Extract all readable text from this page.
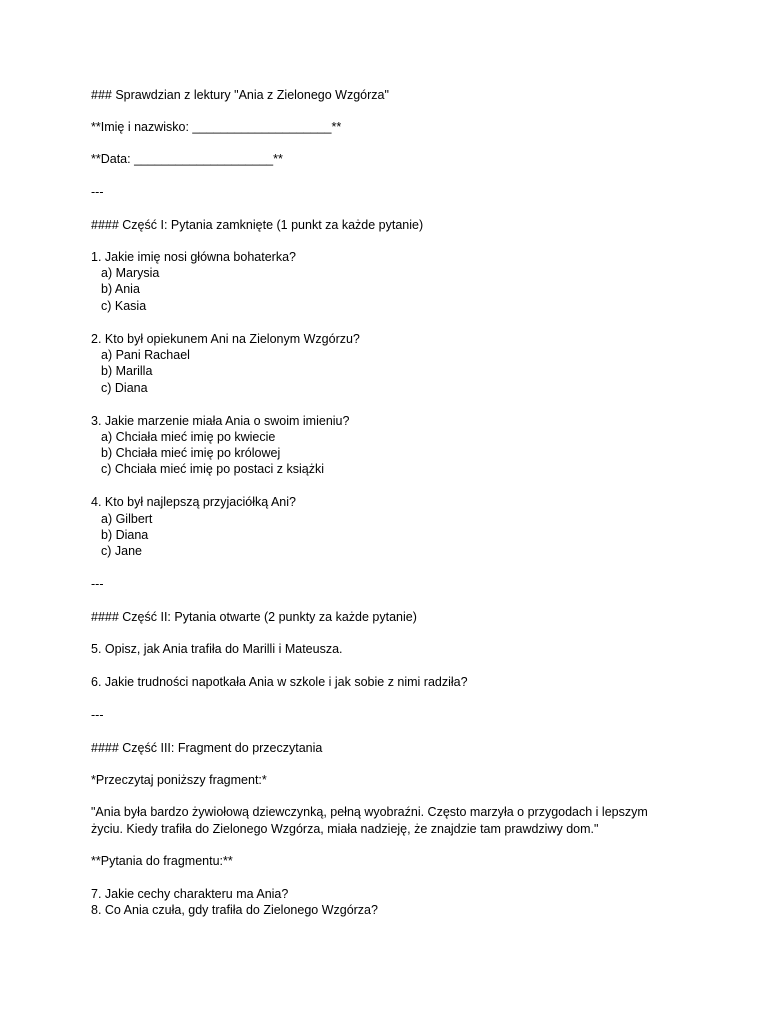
### Sprawdzian z lektury "Ania z Zielonego Wzgórza"
**Imię i nazwisko: ____________________**
**Data: ____________________**
---
#### Część I: Pytania zamknięte (1 punkt za każde pytanie)
1. Jakie imię nosi główna bohaterka?
a) Marysia
b) Ania
c) Kasia
2. Kto był opiekunem Ani na Zielonym Wzgórzu?
a) Pani Rachael
b) Marilla
c) Diana
3. Jakie marzenie miała Ania o swoim imieniu?
a) Chciała mieć imię po kwiecie
b) Chciała mieć imię po królowej
c) Chciała mieć imię po postaci z książki
4. Kto był najlepszą przyjaciółką Ani?
a) Gilbert
b) Diana
c) Jane
---
#### Część II: Pytania otwarte (2 punkty za każde pytanie)
5. Opisz, jak Ania trafiła do Marilli i Mateusza.
6. Jakie trudności napotkała Ania w szkole i jak sobie z nimi radziła?
---
#### Część III: Fragment do przeczytania
*Przeczytaj poniższy fragment:*
"Ania była bardzo żywiołową dziewczynką, pełną wyobraźni. Często marzyła o przygodach i lepszym
życiu. Kiedy trafiła do Zielonego Wzgórza, miała nadzieję, że znajdzie tam prawdziwy dom."
**Pytania do fragmentu:**
7. Jakie cechy charakteru ma Ania?
8. Co Ania czuła, gdy trafiła do Zielonego Wzgórza?
